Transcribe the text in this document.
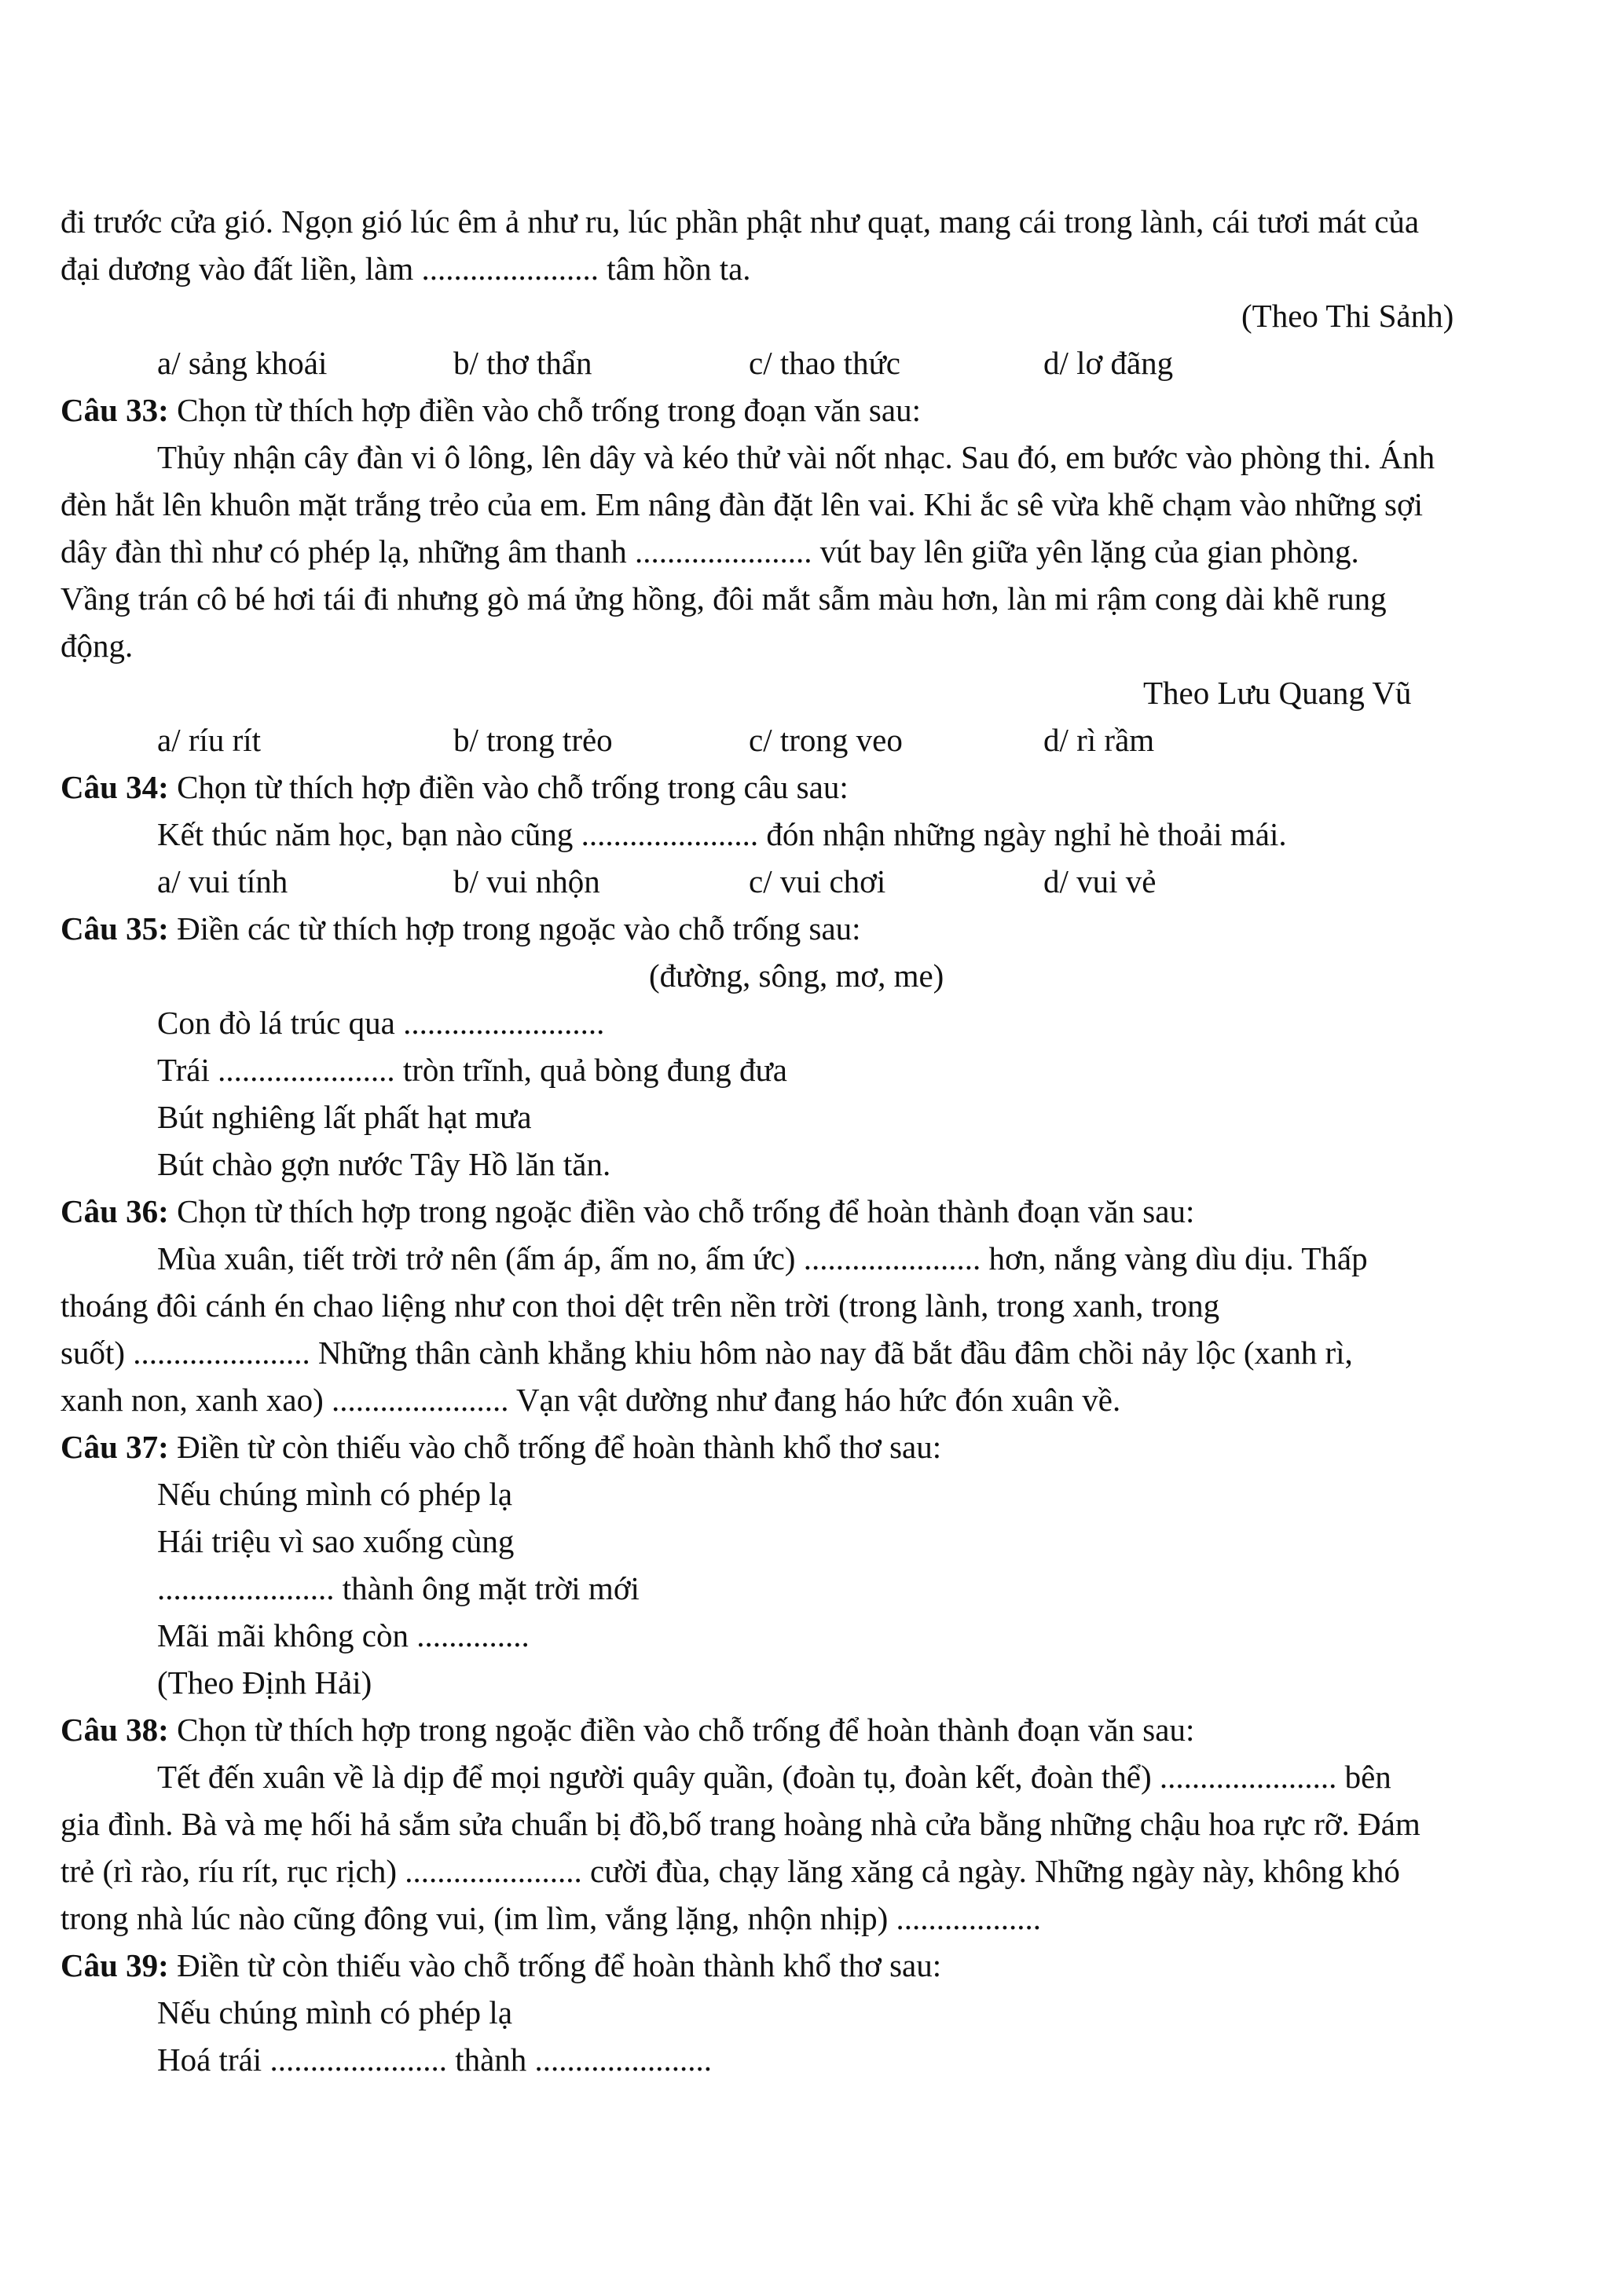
đi trước cửa gió. Ngọn gió lúc êm ả như ru, lúc phần phật như quạt, mang cái trong lành, cái tươi mát của
đại dương vào đất liền, làm ...................... tâm hồn ta.
(Theo Thi Sảnh)
a/ sảng khoái	b/ thơ thẩn	c/ thao thức	d/ lơ đãng
Câu 33: Chọn từ thích hợp điền vào chỗ trống trong đoạn văn sau:
Thủy nhận cây đàn vi ô lông, lên dây và kéo thử vài nốt nhạc. Sau đó, em bước vào phòng thi. Ánh
đèn hắt lên khuôn mặt trắng trẻo của em. Em nâng đàn đặt lên vai. Khi ắc sê vừa khẽ chạm vào những sợi
dây đàn thì như có phép lạ, những âm thanh ...................... vút bay lên giữa yên lặng của gian phòng.
Vầng trán cô bé hơi tái đi nhưng gò má ửng hồng, đôi mắt sẫm màu hơn, làn mi rậm cong dài khẽ rung
động.
Theo Lưu Quang Vũ
a/ ríu rít	b/ trong trẻo	c/ trong veo	d/ rì rầm
Câu 34: Chọn từ thích hợp điền vào chỗ trống trong câu sau:
Kết thúc năm học, bạn nào cũng ...................... đón nhận những ngày nghỉ hè thoải mái.
a/ vui tính	b/ vui nhộn	c/ vui chơi	d/ vui vẻ
Câu 35: Điền các từ thích hợp trong ngoặc vào chỗ trống sau:
(đường, sông, mơ, me)
Con đò lá trúc qua .........................
Trái ...................... tròn trĩnh, quả bòng đung đưa
Bút nghiêng lất phất hạt mưa
Bút chào gợn nước Tây Hồ lăn tăn.
Câu 36: Chọn từ thích hợp trong ngoặc điền vào chỗ trống để hoàn thành đoạn văn sau:
Mùa xuân, tiết trời trở nên (ấm áp, ấm no, ấm ức) ...................... hơn, nắng vàng dìu dịu. Thấp
thoáng đôi cánh én chao liệng như con thoi dệt trên nền trời (trong lành, trong xanh, trong
suốt) ...................... Những thân cành khẳng khiu hôm nào nay đã bắt đầu đâm chồi nảy lộc (xanh rì,
xanh non, xanh xao) ...................... Vạn vật dường như đang háo hức đón xuân về.
Câu 37: Điền từ còn thiếu vào chỗ trống để hoàn thành khổ thơ sau:
Nếu chúng mình có phép lạ
Hái triệu vì sao xuống cùng
...................... thành ông mặt trời mới
Mãi mãi không còn ..............
(Theo Định Hải)
Câu 38: Chọn từ thích hợp trong ngoặc điền vào chỗ trống để hoàn thành đoạn văn sau:
Tết đến xuân về là dịp để mọi người quây quần, (đoàn tụ, đoàn kết, đoàn thể) ...................... bên
gia đình. Bà và mẹ hối hả sắm sửa chuẩn bị đồ,bố trang hoàng nhà cửa bằng những chậu hoa rực rỡ. Đám
trẻ (rì rào, ríu rít, rục rịch) ...................... cười đùa, chạy lăng xăng cả ngày. Những ngày này, không khó
trong nhà lúc nào cũng đông vui, (im lìm, vắng lặng, nhộn nhịp) ..................
Câu 39: Điền từ còn thiếu vào chỗ trống để hoàn thành khổ thơ sau:
Nếu chúng mình có phép lạ
Hoá trái ...................... thành ......................
